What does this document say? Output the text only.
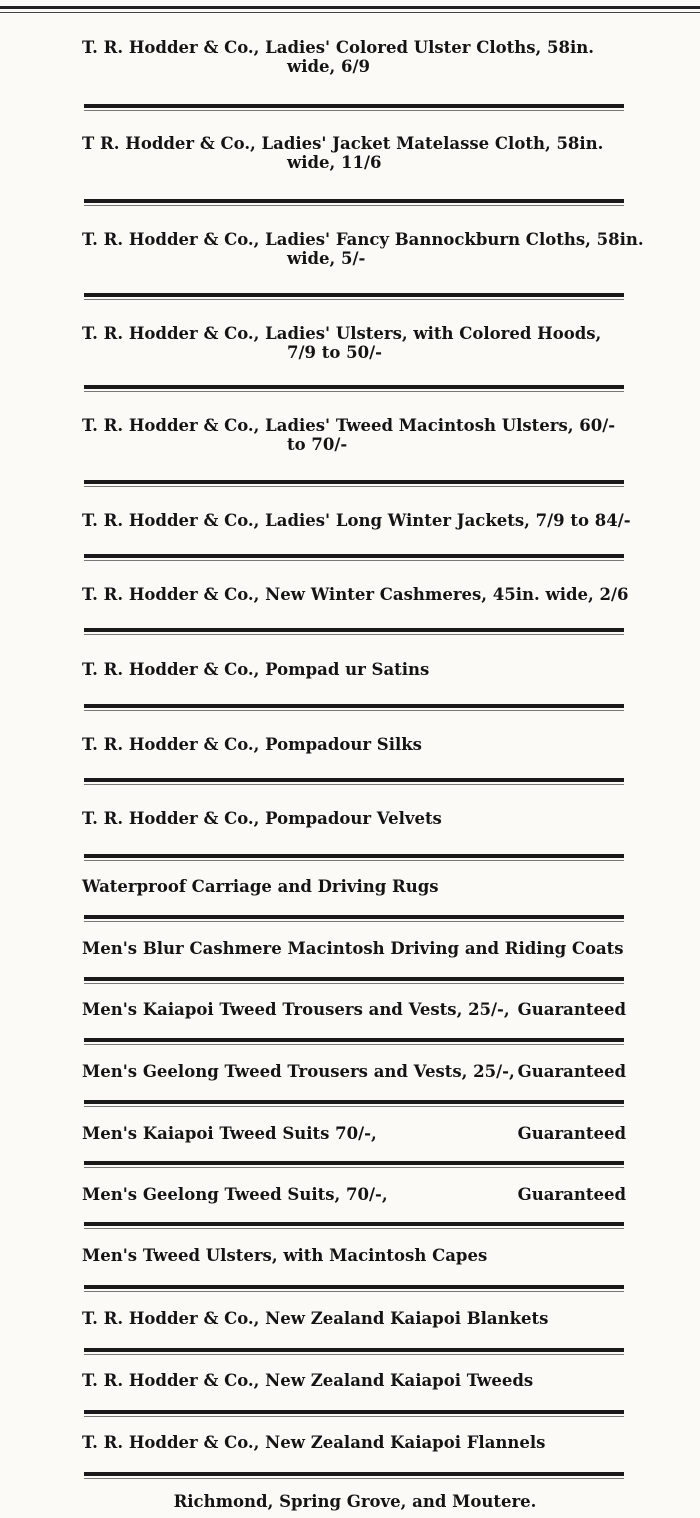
T. R. Hodder & Co., Ladies' Colored Ulster Cloths, 58in.
wide, 6/9
T R. Hodder & Co., Ladies' Jacket Matelasse Cloth, 58in.
wide, 11/6
T. R. Hodder & Co., Ladies' Fancy Bannockburn Cloths, 58in.
wide, 5/-
T. R. Hodder & Co., Ladies' Ulsters, with Colored Hoods,
7/9 to 50/-
T. R. Hodder & Co., Ladies' Tweed Macintosh Ulsters, 60/-
to 70/-
T. R. Hodder & Co., Ladies' Long Winter Jackets, 7/9 to 84/-
T. R. Hodder & Co., New Winter Cashmeres, 45in. wide, 2/6
T. R. Hodder & Co., Pompad ur Satins
T. R. Hodder & Co., Pompadour Silks
T. R. Hodder & Co., Pompadour Velvets
Waterproof Carriage and Driving Rugs
Men's Blur Cashmere Macintosh Driving and Riding Coats
Men's Kaiapoi Tweed Trousers and Vests, 25/-, Guaranteed
Men's Geelong Tweed Trousers and Vests, 25/-, Guaranteed
Men's Kaiapoi Tweed Suits 70/-,	Guaranteed
Men's Geelong Tweed Suits, 70/-,	Guaranteed
Men's Tweed Ulsters, with Macintosh Capes
T. R. Hodder & Co., New Zealand Kaiapoi Blankets
T. R. Hodder & Co., New Zealand Kaiapoi Tweeds
T. R. Hodder & Co., New Zealand Kaiapoi Flannels
Richmond, Spring Grove, and Moutere.
